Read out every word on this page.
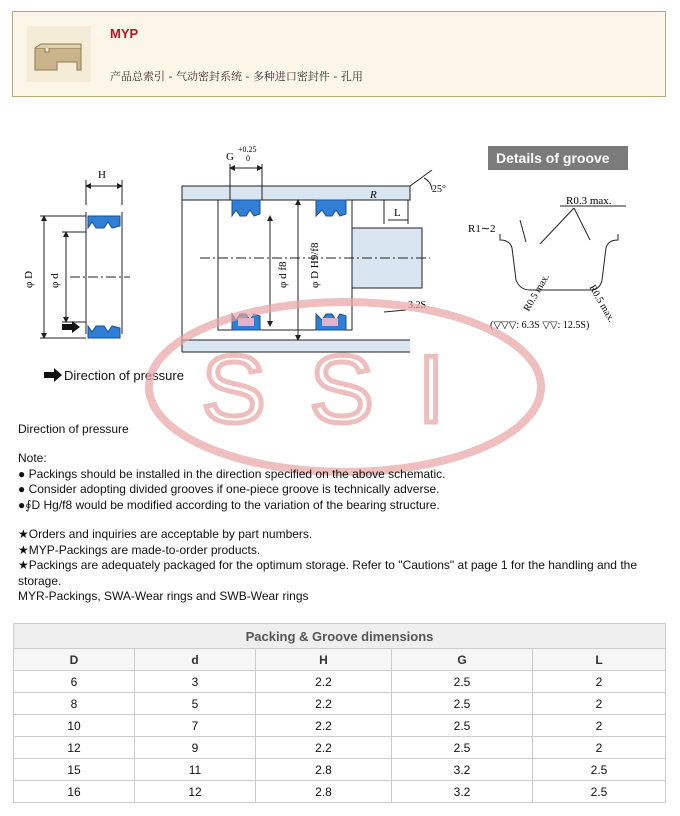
MYP
产品总索引 - 气动密封系统 - 多种进口密封件 - 孔用
H
φ D φ d
G
+0.25
0
R
L
25°
φ d f8 φ D H9/f8
3.2S
Details of groove
R0.3 max.
R1∼2
R0.5 max.	R0.5 max.
(▽▽▽: 6.3S ▽▽: 12.5S)
Direction of pressure SSI
Direction of pressure
Note:
● Packings should be installed in the direction specified on the above schematic.
● Consider adopting divided grooves if one-piece groove is technically adverse.
●∮D Hg/f8 would be modified according to the variation of the bearing structure.
★Orders and inquiries are acceptable by part numbers.
★MYP-Packings are made-to-order products.
★Packings are adequately packaged for the optimum storage. Refer to "Cautions" at page 1 for the handling and the storage.
MYR-Packings, SWA-Wear rings and SWB-Wear rings
Packing & Groove dimensions				
D	d	H	G	L
6	3	2.2	2.5	2
8	5	2.2	2.5	2
10	7	2.2	2.5	2
12	9	2.2	2.5	2
15	11	2.8	3.2	2.5
16	12	2.8	3.2	2.5
